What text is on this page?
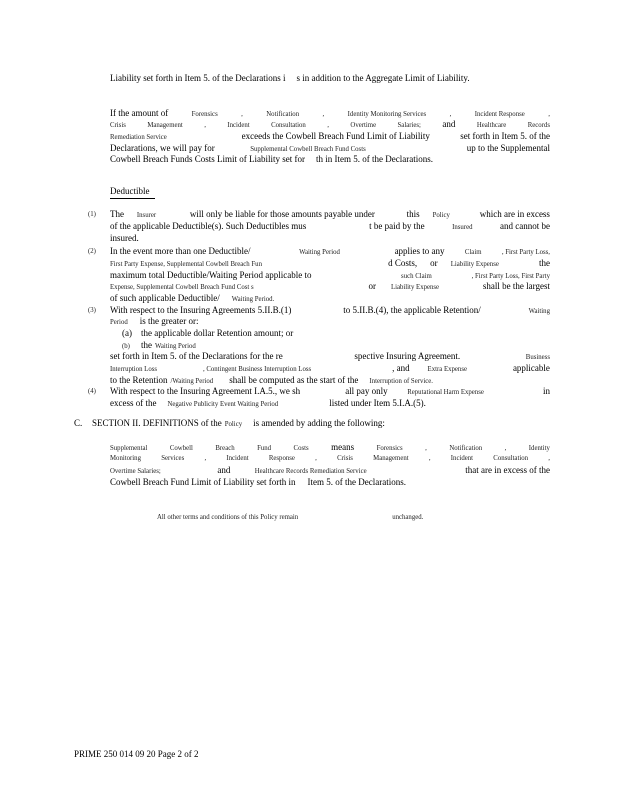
Liability set forth in Item 5. of the Declarations i s in addition to the Aggregate Limit of Liability.
If the amount of	Forensics	,	Notification	,	Identity Monitoring Services	,	Incident Response	,
Crisis	Management	,	Incident	Consultation	,	Overtime	Salaries; and	Healthcare	Records
Remediation Service	exceeds the Cowbell Breach Fund Limit of Liability	set forth in Item 5. of the
Declarations, we will pay for	Supplemental Cowbell Breach Fund Costs	up to the Supplemental
Cowbell Breach Funds Costs Limit of Liability set for th in Item 5. of the Declarations.
Deductible
(1) The Insurer	will only be liable for those amounts payable under	this Policy	which are in excess
of the applicable Deductible(s). Such Deductibles mus	t be paid by the	Insured	and cannot be
insured.
(2) In the event more than one Deductible/	Waiting Period	applies to any	Claim	, First Party Loss,
First Party Expense, Supplemental Cowbell Breach Fun	d Costs, or Liability Expense	the
maximum total Deductible/Waiting Period applicable to	such Claim	, First Party Loss, First Party
Expense, Supplemental Cowbell Breach Fund Cost s	or Liability Expense	shall be the largest
of such applicable Deductible/ Waiting Period.
(3) With respect to the Insuring Agreements 5.II.B.(1)	to 5.II.B.(4), the applicable Retention/	Waiting
Period is the greater or:
(a)	the applicable dollar Retention amount; or
(b)	the Waiting Period
set forth in Item 5. of the Declarations for the re	spective Insuring Agreement.	Business
Interruption Loss	, Contingent Business Interruption Loss	, and	Extra Expense	applicable
to the Retention /Waiting Period shall be computed as the start of the Interruption of Service.
(4) With respect to the Insuring Agreement I.A.5., we sh	all pay only	Reputational Harm Expense	in
excess of the Negative Publicity Event Waiting Period	listed under Item 5.I.A.(5).
C. SECTION II. DEFINITIONS of the Policy is amended by adding the following:
Supplemental	Cowbell	Breach	Fund	Costs means	Forensics	,	Notification	,	Identity
Monitoring	Services	,	Incident	Response	,	Crisis	Management	,	Incident	Consultation	,
Overtime Salaries;	and	Healthcare Records Remediation Service	that are in excess of the
Cowbell Breach Fund Limit of Liability set forth in Item 5. of the Declarations.
All other terms and conditions of this Policy remain	unchanged.
PRIME 250 014 09 20 Page 2 of 2
